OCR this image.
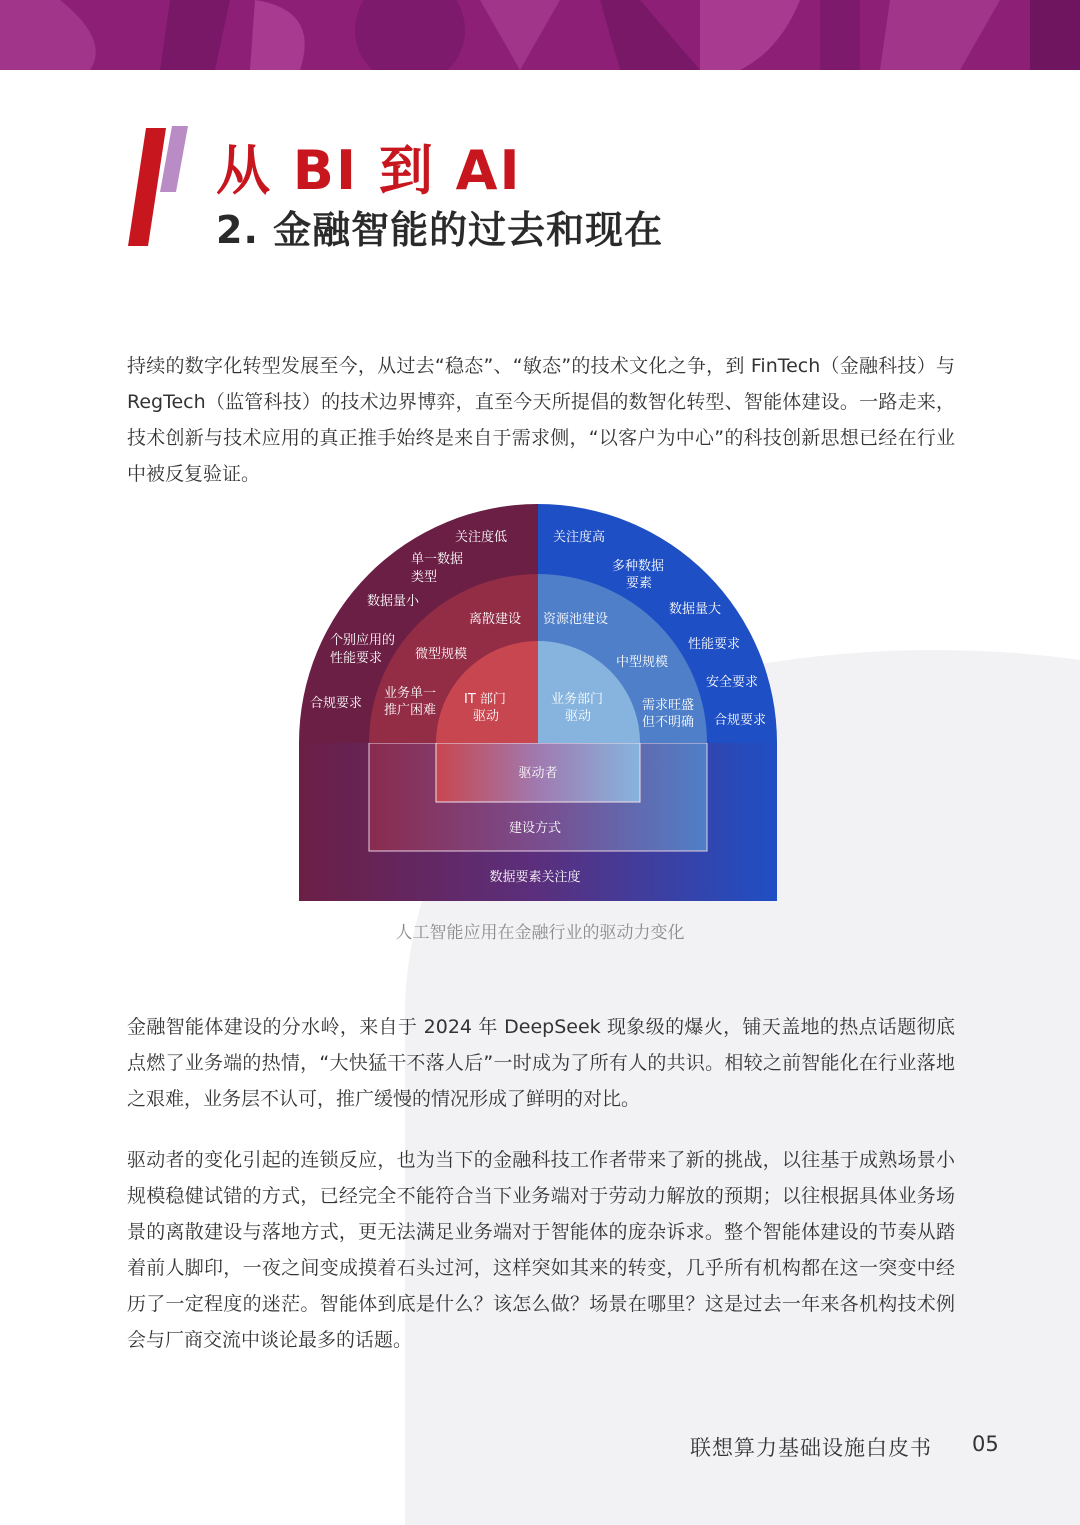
从 BI 到 AI
2. 金融智能的过去和现在

持续的数字化转型发展至今，从过去“稳态”、“敏态”的技术文化之争，到 FinTech（金融科技）与 RegTech（监管科技）的技术边界博弈，直至今天所提倡的数智化转型、智能体建设。一路走来，技术创新与技术应用的真正推手始终是来自于需求侧，“以客户为中心”的科技创新思想已经在行业中被反复验证。

关注度低
单一数据
类型
数据量小
个别应用的
性能要求
合规要求
离散建设
微型规模
业务单一
推广困难
IT 部门
驱动
关注度高
多种数据
要素
数据量大
性能要求
安全要求
合规要求
资源池建设
中型规模
需求旺盛
但不明确
业务部门
驱动
驱动者
建设方式
数据要素关注度
人工智能应用在金融行业的驱动力变化

金融智能体建设的分水岭，来自于 2024 年 DeepSeek 现象级的爆火，铺天盖地的热点话题彻底点燃了业务端的热情，“大快猛干不落人后”一时成为了所有人的共识。相较之前智能化在行业落地之艰难，业务层不认可，推广缓慢的情况形成了鲜明的对比。

驱动者的变化引起的连锁反应，也为当下的金融科技工作者带来了新的挑战，以往基于成熟场景小规模稳健试错的方式，已经完全不能符合当下业务端对于劳动力解放的预期；以往根据具体业务场景的离散建设与落地方式，更无法满足业务端对于智能体的庞杂诉求。整个智能体建设的节奏从踏着前人脚印，一夜之间变成摸着石头过河，这样突如其来的转变，几乎所有机构都在这一突变中经历了一定程度的迷茫。智能体到底是什么？该怎么做？场景在哪里？这是过去一年来各机构技术例会与厂商交流中谈论最多的话题。

联想算力基础设施白皮书 05
